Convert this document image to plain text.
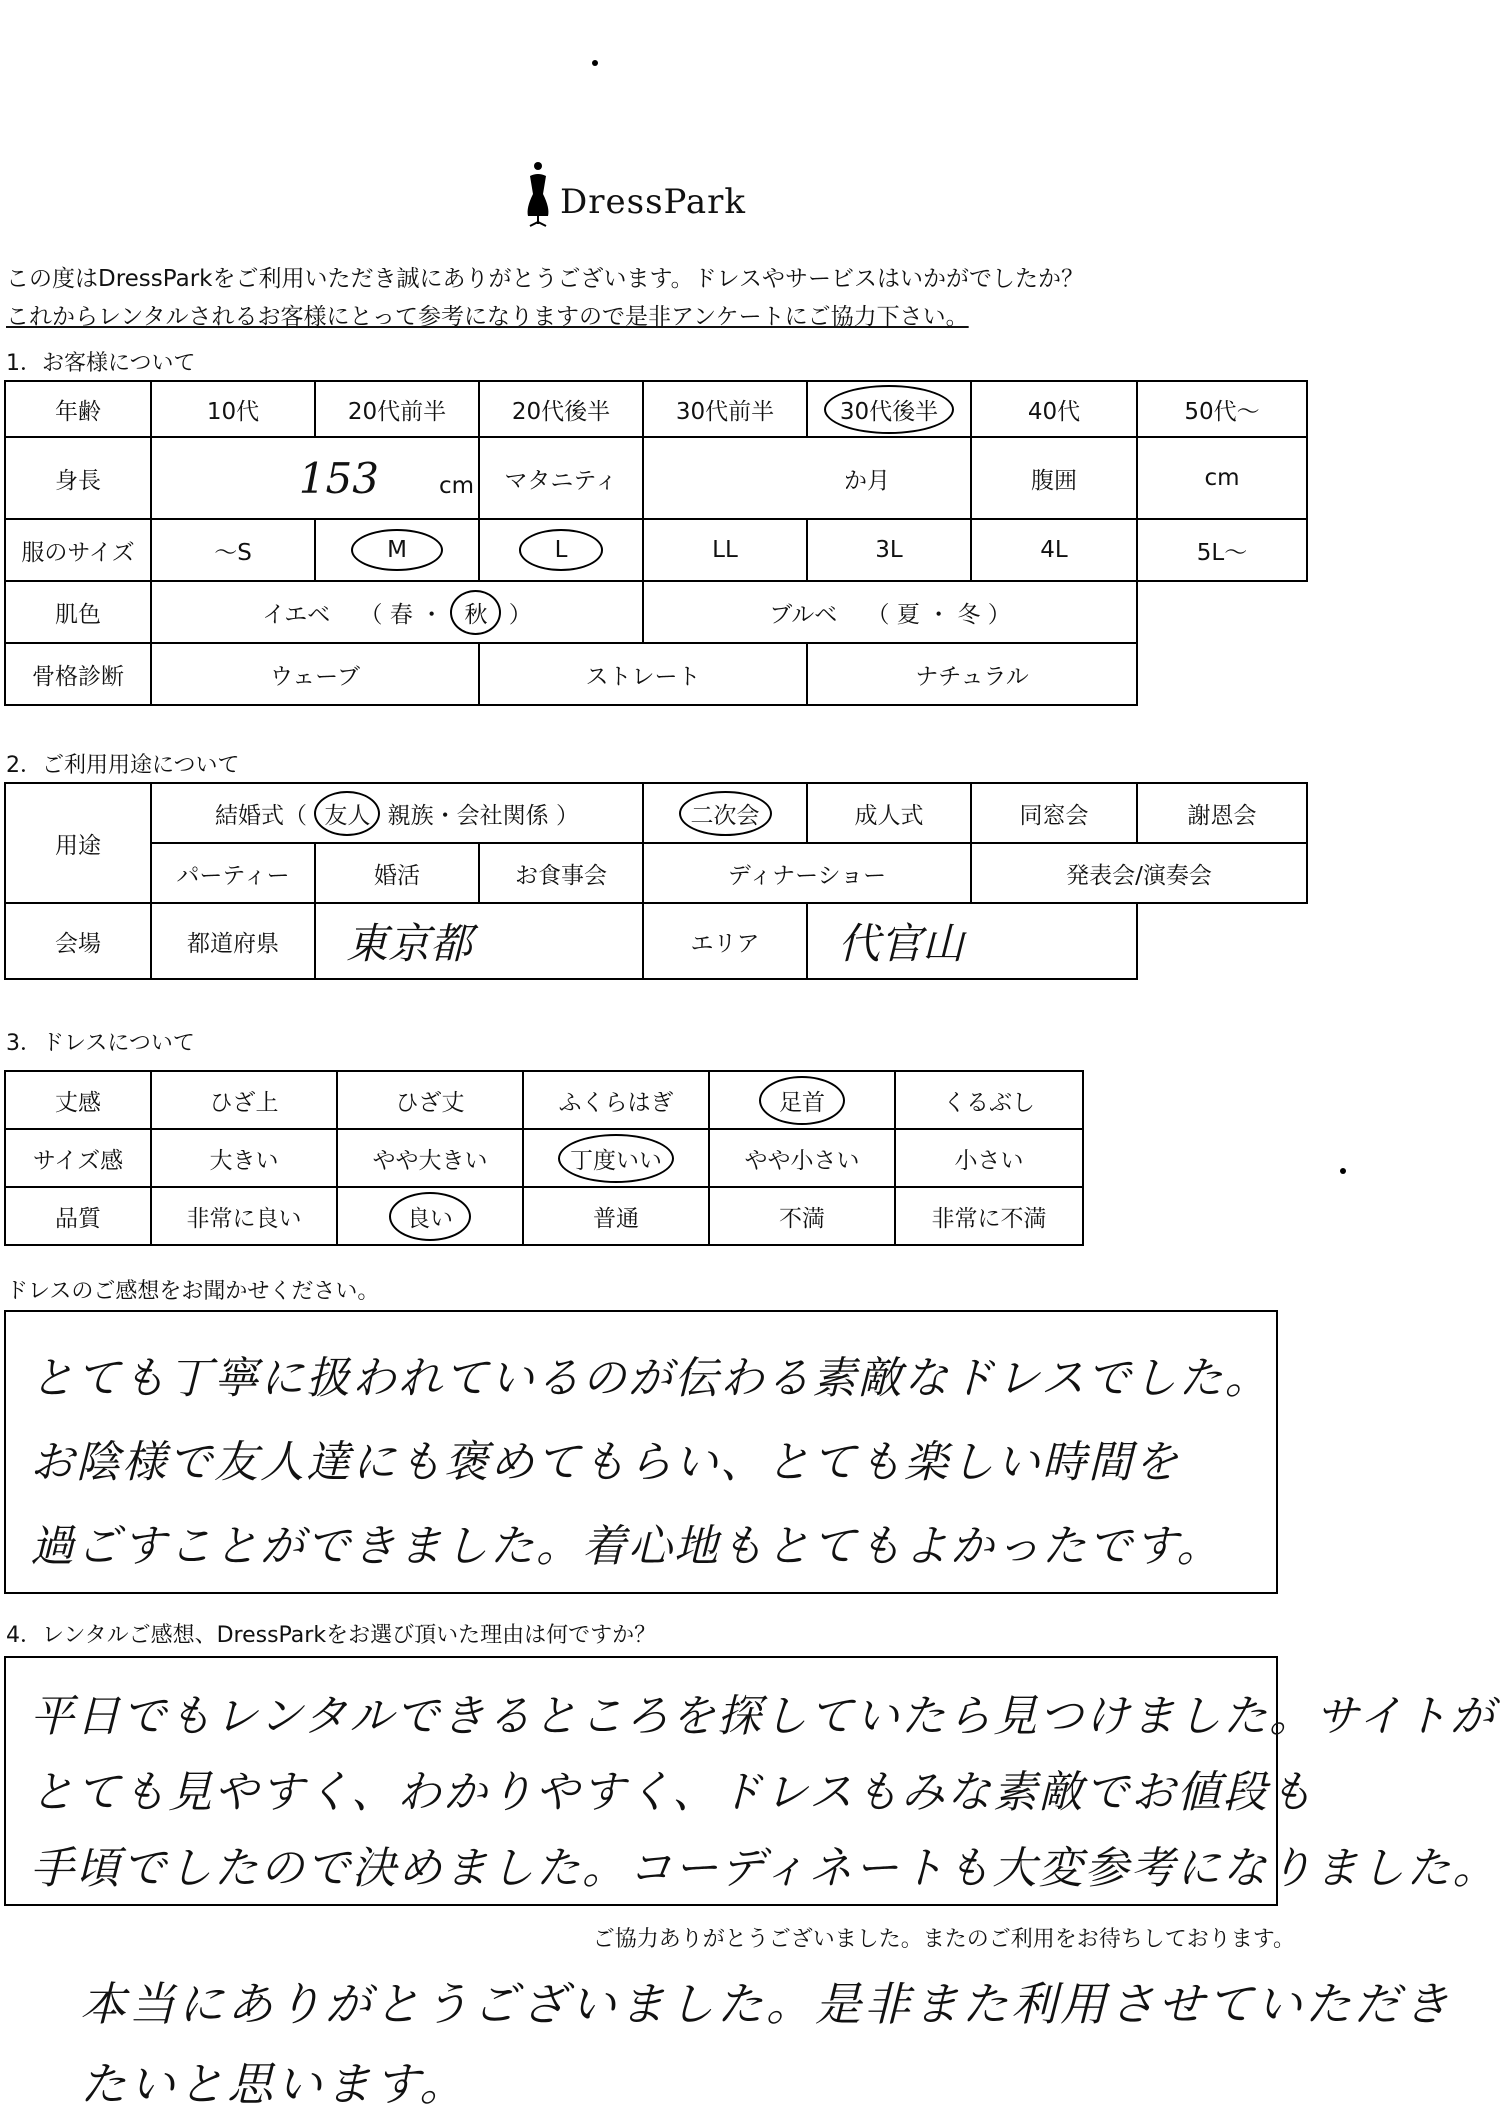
DressPark
この度はDressParkをご利用いただき誠にありがとうございます。ドレスやサービスはいかがでしたか？
これからレンタルされるお客様にとって参考になりますので是非アンケートにご協力下さい。
1．お客様について
年齢	10代	20代前半	20代後半	30代前半	30代後半	40代	50代～
身長	153 cm		マタニティ	か月		腹囲	cm
服のサイズ	～S	M	L	LL	3L	4L	5L～
肌色	イエベ （ 春 ・ 秋 ）			ブルベ （ 夏 ・ 冬 ）			
骨格診断	ウェーブ		ストレート		ナチュラル		
2．ご利用用途について
用途	結婚式（ 友人 親族・会社関係 ）			二次会	成人式	同窓会	謝恩会
	パーティー	婚活	お食事会	ディナーショー		発表会/演奏会	
会場	都道府県	東京都		エリア	代官山		
3．ドレスについて
丈感	ひざ上	ひざ丈	ふくらはぎ	足首	くるぶし
サイズ感	大きい	やや大きい	丁度いい	やや小さい	小さい
品質	非常に良い	良い	普通	不満	非常に不満
ドレスのご感想をお聞かせください。
とても丁寧に扱われているのが伝わる素敵なドレスでした。
お陰様で友人達にも褒めてもらい、とても楽しい時間を
過ごすことができました。着心地もとてもよかったです。
4．レンタルご感想、DressParkをお選び頂いた理由は何ですか？
平日でもレンタルできるところを探していたら見つけました。サイトが
とても見やすく、わかりやすく、ドレスもみな素敵でお値段も
手頃でしたので決めました。コーディネートも大変参考になりました。
ご協力ありがとうございました。またのご利用をお待ちしております。
本当にありがとうございました。是非また利用させていただき
たいと思います。
